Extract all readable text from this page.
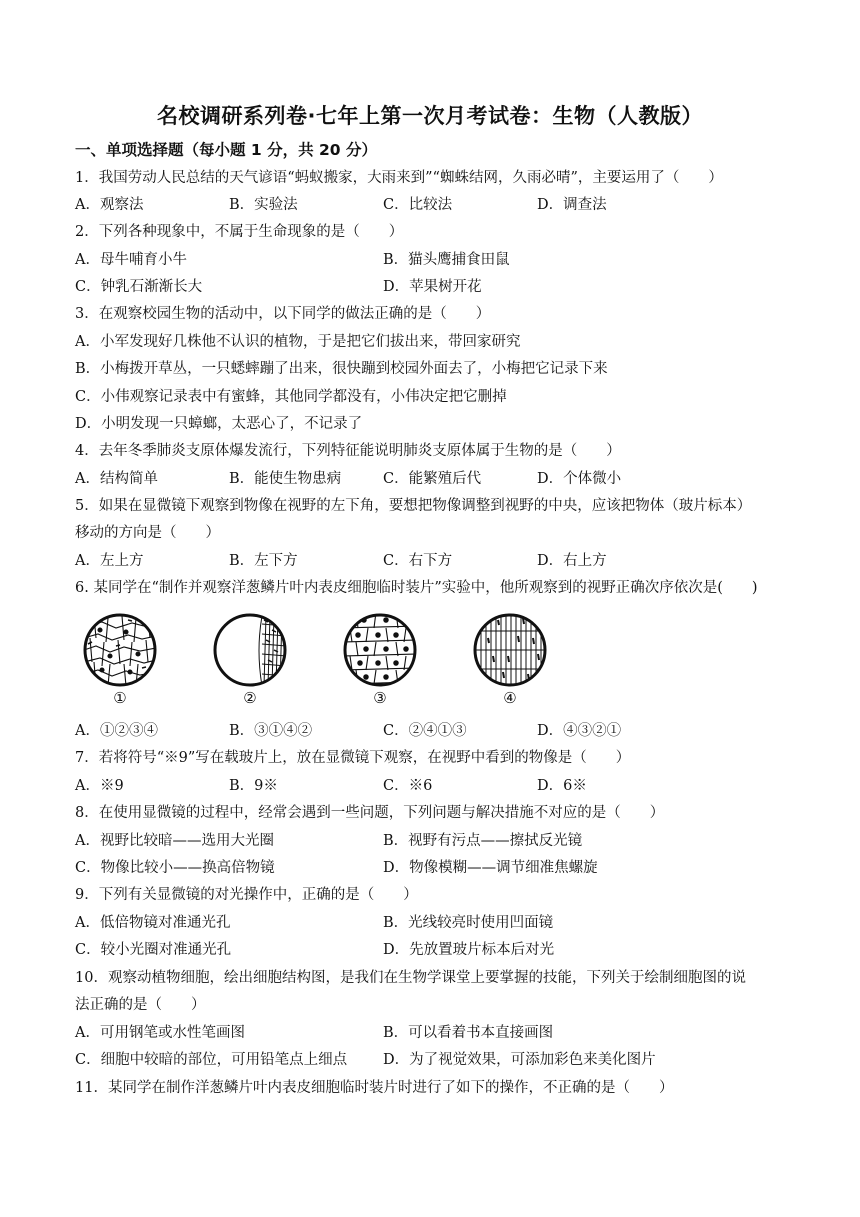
名校调研系列卷·七年上第一次月考试卷：生物（人教版）
一、单项选择题（每小题 1 分，共 20 分）
1．我国劳动人民总结的天气谚语“蚂蚁搬家，大雨来到”“蜘蛛结网，久雨必晴”，主要运用了（　　）
A．观察法	B．实验法	C．比较法	D．调查法
2．下列各种现象中，不属于生命现象的是（　　）
A．母牛哺育小牛	B．猫头鹰捕食田鼠
C．钟乳石渐渐长大	D．苹果树开花
3．在观察校园生物的活动中，以下同学的做法正确的是（　　）
A．小军发现好几株他不认识的植物，于是把它们拔出来，带回家研究
B．小梅拨开草丛，一只蟋蟀蹦了出来，很快蹦到校园外面去了，小梅把它记录下来
C．小伟观察记录表中有蜜蜂，其他同学都没有，小伟决定把它删掉
D．小明发现一只蟑螂，太恶心了，不记录了
4．去年冬季肺炎支原体爆发流行，下列特征能说明肺炎支原体属于生物的是（　　）
A．结构简单	B．能使生物患病	C．能繁殖后代	D．个体微小
5．如果在显微镜下观察到物像在视野的左下角，要想把物像调整到视野的中央，应该把物体（玻片标本）
移动的方向是（　　）
A．左上方	B．左下方	C．右下方	D．右上方
6. 某同学在“制作并观察洋葱鳞片叶内表皮细胞临时装片”实验中，他所观察到的视野正确次序依次是(　　)
①	②	③	④
A．①②③④	B．③①④②	C．②④①③	D．④③②①
7．若将符号“※9”写在载玻片上，放在显微镜下观察，在视野中看到的物像是（　　）
A．※9	B．9※	C．※6	D．6※
8．在使用显微镜的过程中，经常会遇到一些问题，下列问题与解决措施不对应的是（　　）
A．视野比较暗——选用大光圈	B．视野有污点——擦拭反光镜
C．物像比较小——换高倍物镜	D．物像模糊——调节细准焦螺旋
9．下列有关显微镜的对光操作中，正确的是（　　）
A．低倍物镜对准通光孔	B．光线较亮时使用凹面镜
C．较小光圈对准通光孔	D．先放置玻片标本后对光
10．观察动植物细胞，绘出细胞结构图，是我们在生物学课堂上要掌握的技能，下列关于绘制细胞图的说
法正确的是（　　）
A．可用钢笔或水性笔画图	B．可以看着书本直接画图
C．细胞中较暗的部位，可用铅笔点上细点 D．为了视觉效果，可添加彩色来美化图片
11．某同学在制作洋葱鳞片叶内表皮细胞临时装片时进行了如下的操作，不正确的是（　　）
